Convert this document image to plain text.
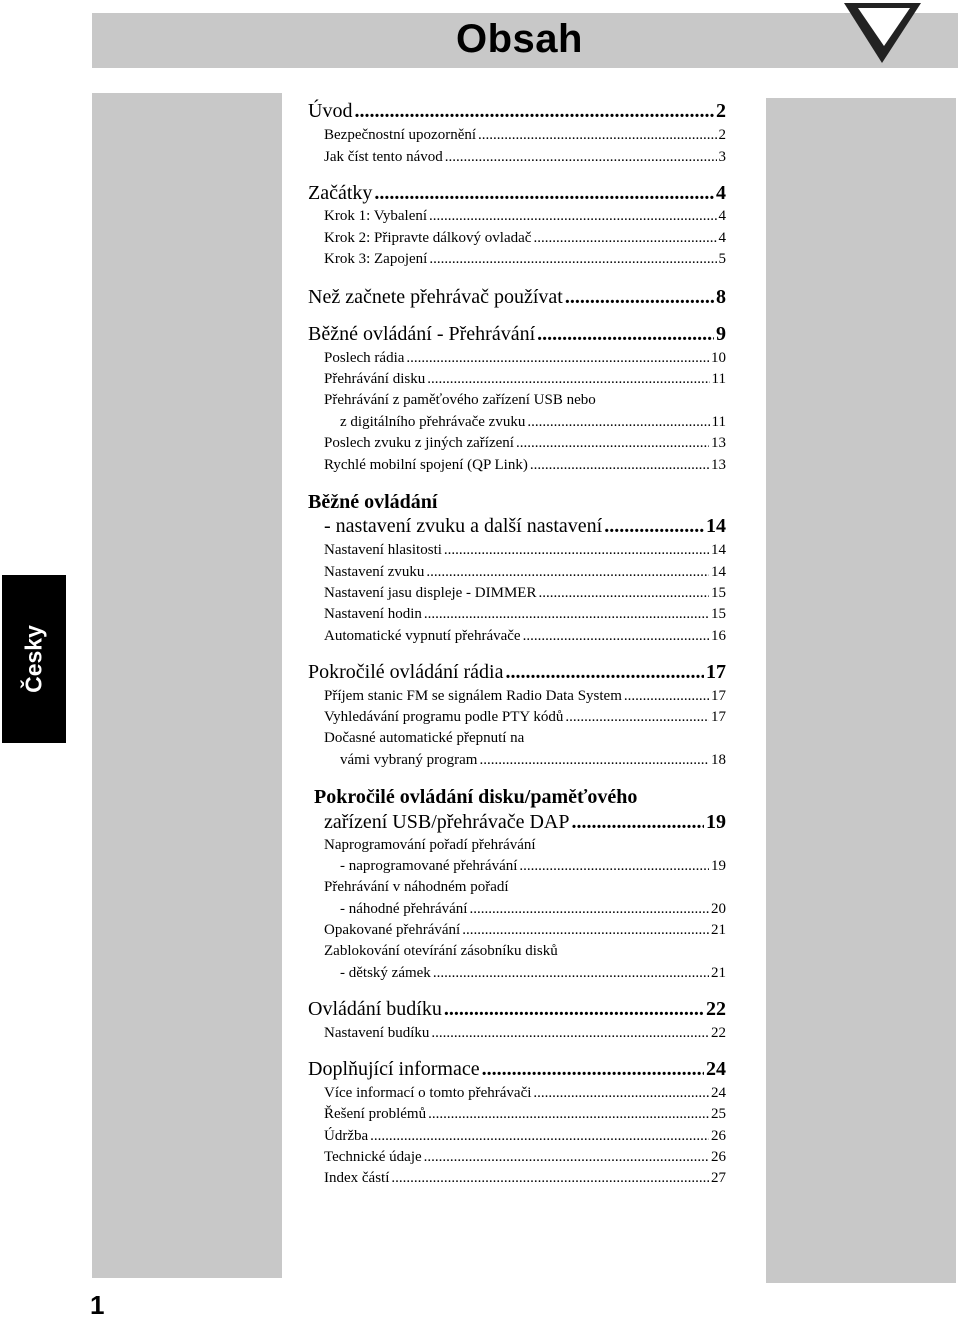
Obsah
Česky
1
Úvod .....	2
Bezpečnostní upozornění .....	2
Jak číst tento návod .....	3
Začátky .....	4
Krok 1: Vybalení .....	4
Krok 2: Připravte dálkový ovladač .....	4
Krok 3: Zapojení .....	5
Než začnete přehrávač používat .....	8
Běžné ovládání - Přehrávání .....	9
Poslech rádia .....	10
Přehrávání disku .....	11
Přehrávání z paměťového zařízení USB nebo
z digitálního přehrávače zvuku .....	11
Poslech zvuku z jiných zařízení .....	13
Rychlé mobilní spojení (QP Link) .....	13
Běžné ovládání
- nastavení zvuku a další nastavení .....	14
Nastavení hlasitosti .....	14
Nastavení zvuku .....	14
Nastavení jasu displeje - DIMMER .....	15
Nastavení hodin .....	15
Automatické vypnutí přehrávače .....	16
Pokročilé ovládání rádia .....	17
Příjem stanic FM se signálem Radio Data System .....	17
Vyhledávání programu podle PTY kódů .....	17
Dočasné automatické přepnutí na
vámi vybraný program .....	18
Pokročilé ovládání disku/paměťového
zařízení USB/přehrávače DAP .....	19
Naprogramování pořadí přehrávání
- naprogramované přehrávání .....	19
Přehrávání v náhodném pořadí
- náhodné přehrávání .....	20
Opakované přehrávání .....	21
Zablokování otevírání zásobníku disků
- dětský zámek .....	21
Ovládání budíku .....	22
Nastavení budíku .....	22
Doplňující informace .....	24
Více informací o tomto přehrávači .....	24
Řešení problémů .....	25
Údržba .....	26
Technické údaje .....	26
Index částí .....	27
